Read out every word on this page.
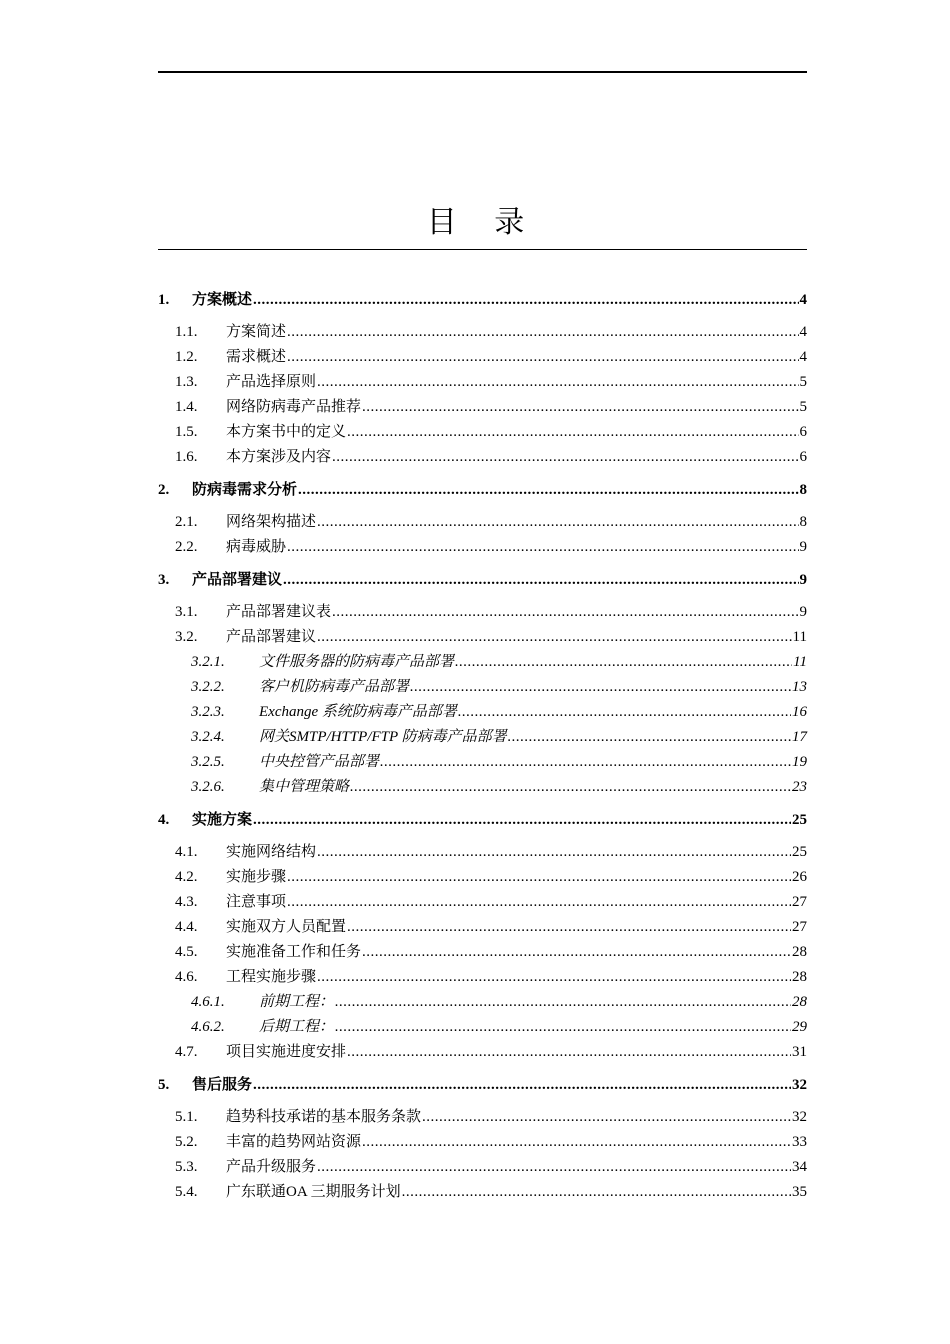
目 录
1.	方案概述 .....	4
1.1.	方案简述 .....	4
1.2.	需求概述 .....	4
1.3.	产品选择原则 .....	5
1.4.	网络防病毒产品推荐 .....	5
1.5.	本方案书中的定义 .....	6
1.6.	本方案涉及内容 .....	6
2.	防病毒需求分析 .....	8
2.1.	网络架构描述 .....	8
2.2.	病毒威胁 .....	9
3.	产品部署建议 .....	9
3.1.	产品部署建议表 .....	9
3.2.	产品部署建议 .....	11
3.2.1.	文件服务器的防病毒产品部署 .....	11
3.2.2.	客户机防病毒产品部署 .....	13
3.2.3.	Exchange 系统防病毒产品部署 .....	16
3.2.4.	网关SMTP/HTTP/FTP 防病毒产品部署 .....	17
3.2.5.	中央控管产品部署 .....	19
3.2.6.	集中管理策略 .....	23
4.	实施方案 .....	25
4.1.	实施网络结构 .....	25
4.2.	实施步骤 .....	26
4.3.	注意事项 .....	27
4.4.	实施双方人员配置 .....	27
4.5.	实施准备工作和任务 .....	28
4.6.	工程实施步骤 .....	28
4.6.1.	前期工程： .....	28
4.6.2.	后期工程： .....	29
4.7.	项目实施进度安排 .....	31
5.	售后服务 .....	32
5.1.	趋势科技承诺的基本服务条款 .....	32
5.2.	丰富的趋势网站资源 .....	33
5.3.	产品升级服务 .....	34
5.4.	广东联通OA 三期服务计划 .....	35
